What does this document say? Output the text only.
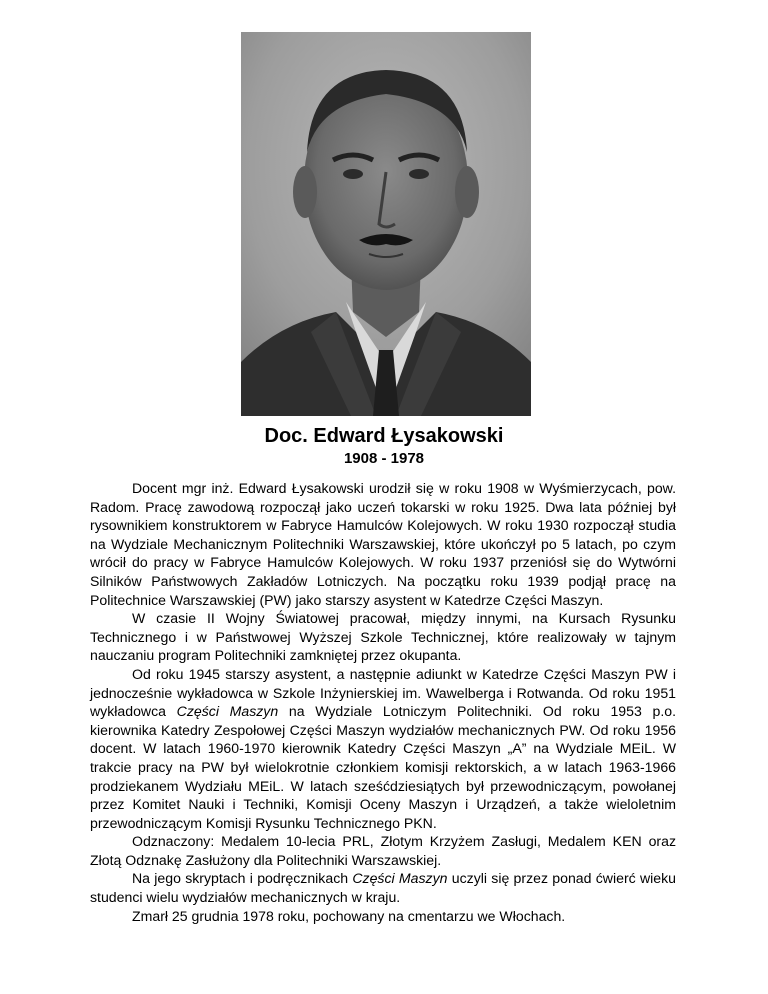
Doc. Edward Łysakowski
1908 - 1978

Docent mgr inż. Edward Łysakowski urodził się w roku 1908 w Wyśmierzycach, pow. Radom. Pracę zawodową rozpoczął jako uczeń tokarski w roku 1925. Dwa lata później był rysownikiem konstruktorem w Fabryce Hamulców Kolejowych. W roku 1930 rozpoczął studia na Wydziale Mechanicznym Politechniki Warszawskiej, które ukończył po 5 latach, po czym wrócił do pracy w Fabryce Hamulców Kolejowych. W roku 1937 przeniósł się do Wytwórni Silników Państwowych Zakładów Lotniczych. Na początku roku 1939 podjął pracę na Politechnice Warszawskiej (PW) jako starszy asystent w Katedrze Części Maszyn.

W czasie II Wojny Światowej pracował, między innymi, na Kursach Rysunku Technicznego i w Państwowej Wyższej Szkole Technicznej, które realizowały w tajnym nauczaniu program Politechniki zamkniętej przez okupanta.

Od roku 1945 starszy asystent, a następnie adiunkt w Katedrze Części Maszyn PW i jednocześnie wykładowca w Szkole Inżynierskiej im. Wawelberga i Rotwanda. Od roku 1951 wykładowca Części Maszyn na Wydziale Lotniczym Politechniki. Od roku 1953 p.o. kierownika Katedry Zespołowej Części Maszyn wydziałów mechanicznych PW. Od roku 1956 docent. W latach 1960-1970 kierownik Katedry Części Maszyn „A” na Wydziale MEiL. W trakcie pracy na PW był wielokrotnie członkiem komisji rektorskich, a w latach 1963-1966 prodziekanem Wydziału MEiL. W latach sześćdziesiątych był przewodniczącym, powołanej przez Komitet Nauki i Techniki, Komisji Oceny Maszyn i Urządzeń, a także wieloletnim przewodniczącym Komisji Rysunku Technicznego PKN.

Odznaczony: Medalem 10-lecia PRL, Złotym Krzyżem Zasługi, Medalem KEN oraz Złotą Odznakę Zasłużony dla Politechniki Warszawskiej.

Na jego skryptach i podręcznikach Części Maszyn uczyli się przez ponad ćwierć wieku studenci wielu wydziałów mechanicznych w kraju.

Zmarł 25 grudnia 1978 roku, pochowany na cmentarzu we Włochach.
